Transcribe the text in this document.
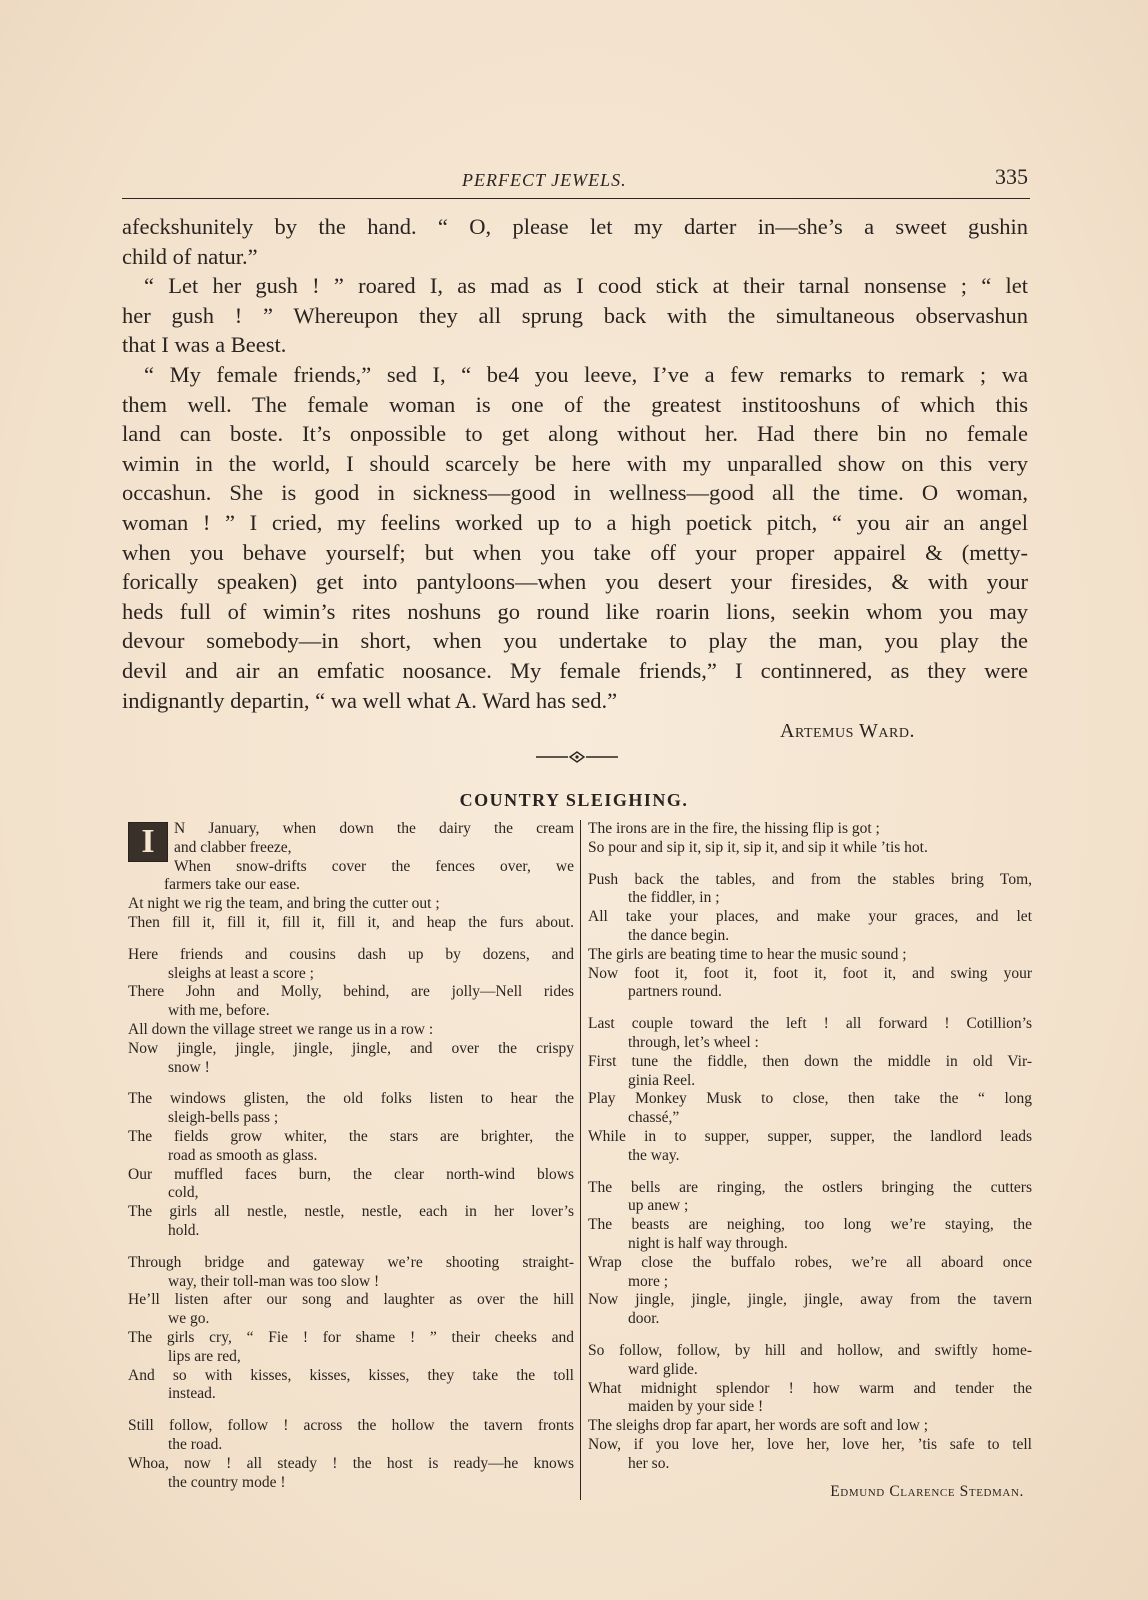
PERFECT JEWELS.	335
afeckshunitely by the hand. “ O, please let my darter in—she’s a sweet gushin
child of natur.”
“ Let her gush ! ” roared I, as mad as I cood stick at their tarnal nonsense ; “ let
her gush ! ” Whereupon they all sprung back with the simultaneous observashun
that I was a Beest.
“ My female friends,” sed I, “ be4 you leeve, I’ve a few remarks to remark ; wa
them well. The female woman is one of the greatest institooshuns of which this
land can boste. It’s onpossible to get along without her. Had there bin no female
wimin in the world, I should scarcely be here with my unparalled show on this very
occashun. She is good in sickness—good in wellness—good all the time. O woman,
woman ! ” I cried, my feelins worked up to a high poetick pitch, “ you air an angel
when you behave yourself; but when you take off your proper appairel & (metty-
forically speaken) get into pantyloons—when you desert your firesides, & with your
heds full of wimin’s rites noshuns go round like roarin lions, seekin whom you may
devour somebody—in short, when you undertake to play the man, you play the
devil and air an emfatic noosance. My female friends,” I continnered, as they were
indignantly departin, “ wa well what A. Ward has sed.”
Artemus Ward.
COUNTRY SLEIGHING.
I	N January, when down the dairy the cream
and clabber freeze,
When snow-drifts cover the fences over, we
farmers take our ease.
At night we rig the team, and bring the cutter out ;
Then fill it, fill it, fill it, fill it, and heap the furs about.
Here friends and cousins dash up by dozens, and
sleighs at least a score ;
There John and Molly, behind, are jolly—Nell rides
with me, before.
All down the village street we range us in a row :
Now jingle, jingle, jingle, jingle, and over the crispy
snow !
The windows glisten, the old folks listen to hear the
sleigh-bells pass ;
The fields grow whiter, the stars are brighter, the
road as smooth as glass.
Our muffled faces burn, the clear north-wind blows
cold,
The girls all nestle, nestle, nestle, each in her lover’s
hold.
Through bridge and gateway we’re shooting straight-
way, their toll-man was too slow !
He’ll listen after our song and laughter as over the hill
we go.
The girls cry, “ Fie ! for shame ! ” their cheeks and
lips are red,
And so with kisses, kisses, kisses, they take the toll
instead.
Still follow, follow ! across the hollow the tavern fronts
the road.
Whoa, now ! all steady ! the host is ready—he knows
the country mode !
The irons are in the fire, the hissing flip is got ;
So pour and sip it, sip it, sip it, and sip it while ’tis hot.
Push back the tables, and from the stables bring Tom,
the fiddler, in ;
All take your places, and make your graces, and let
the dance begin.
The girls are beating time to hear the music sound ;
Now foot it, foot it, foot it, foot it, and swing your
partners round.
Last couple toward the left ! all forward ! Cotillion’s
through, let’s wheel :
First tune the fiddle, then down the middle in old Vir-
ginia Reel.
Play Monkey Musk to close, then take the “ long
chassé,”
While in to supper, supper, supper, the landlord leads
the way.
The bells are ringing, the ostlers bringing the cutters
up anew ;
The beasts are neighing, too long we’re staying, the
night is half way through.
Wrap close the buffalo robes, we’re all aboard once
more ;
Now jingle, jingle, jingle, jingle, away from the tavern
door.
So follow, follow, by hill and hollow, and swiftly home-
ward glide.
What midnight splendor ! how warm and tender the
maiden by your side !
The sleighs drop far apart, her words are soft and low ;
Now, if you love her, love her, love her, ’tis safe to tell
her so.
Edmund Clarence Stedman.
